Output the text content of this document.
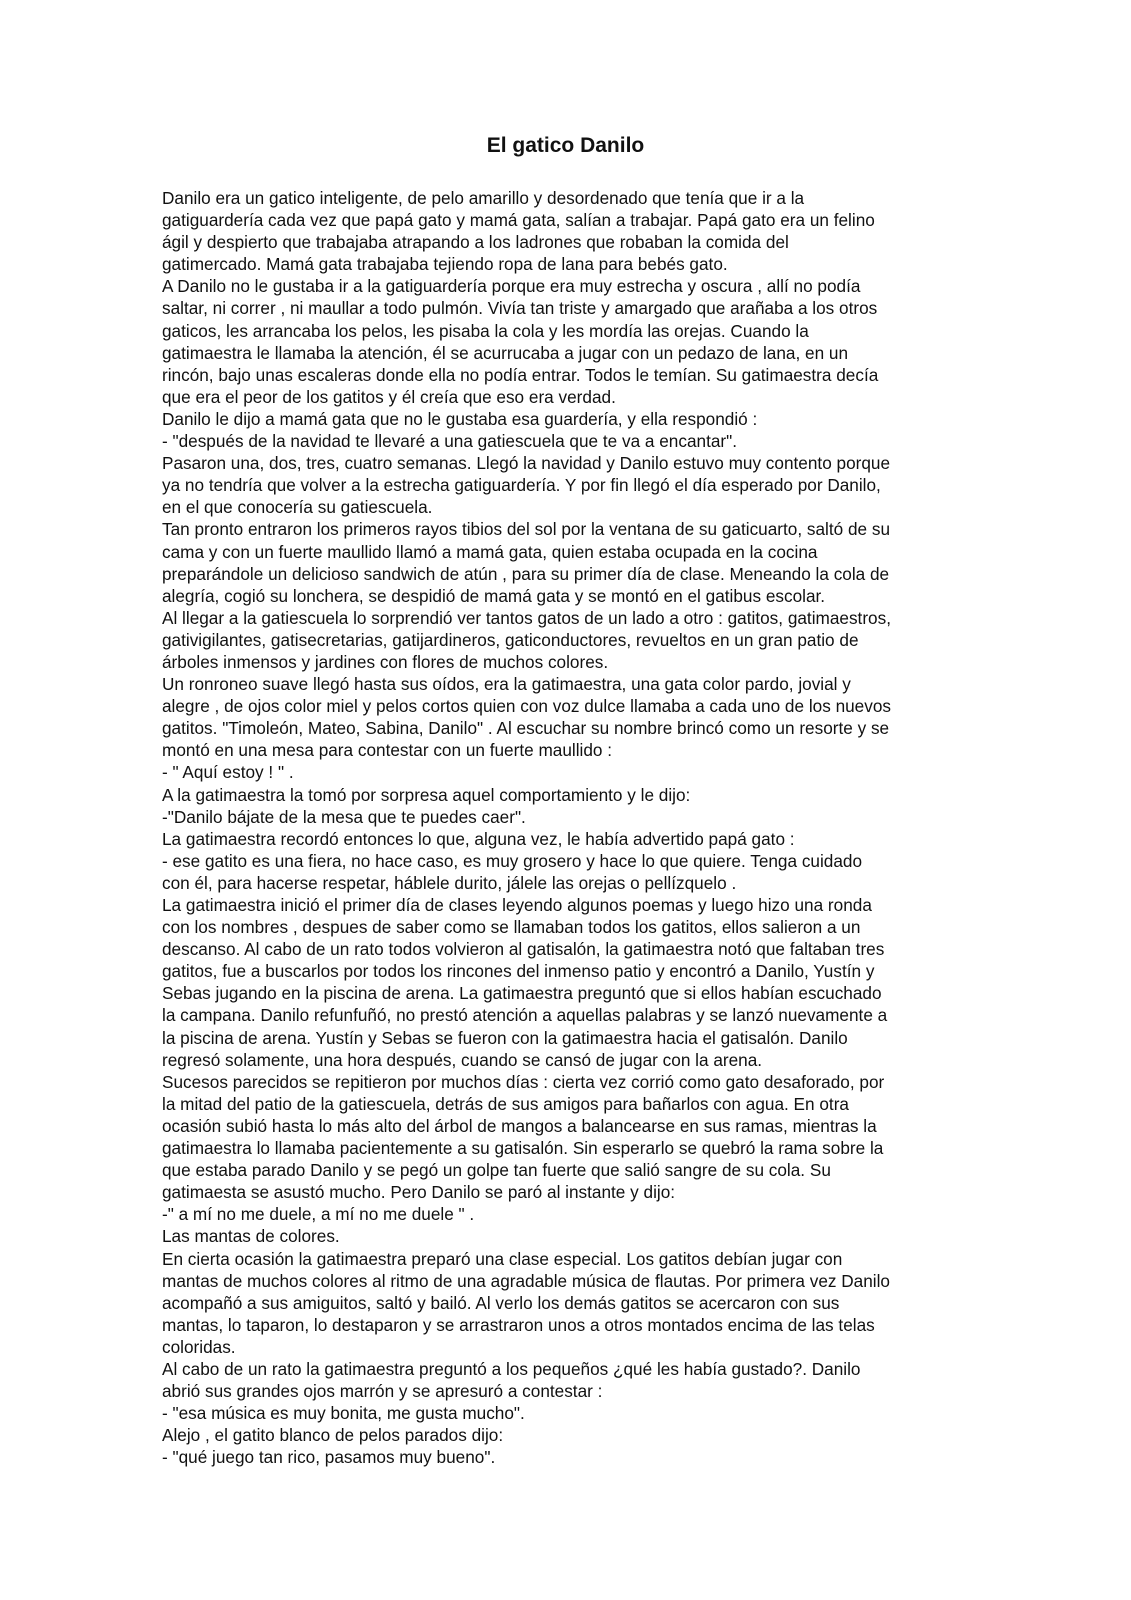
El gatico Danilo
Danilo era un gatico inteligente, de pelo amarillo y desordenado que tenía que ir a la
gatiguardería cada vez que papá gato y mamá gata, salían a trabajar. Papá gato era un felino
ágil y despierto que trabajaba atrapando a los ladrones que robaban la comida del
gatimercado. Mamá gata trabajaba tejiendo ropa de lana para bebés gato.
A Danilo no le gustaba ir a la gatiguardería porque era muy estrecha y oscura , allí no podía
saltar, ni correr , ni maullar a todo pulmón. Vivía tan triste y amargado que arañaba a los otros
gaticos, les arrancaba los pelos, les pisaba la cola y les mordía las orejas. Cuando la
gatimaestra le llamaba la atención, él se acurrucaba a jugar con un pedazo de lana, en un
rincón, bajo unas escaleras donde ella no podía entrar. Todos le temían. Su gatimaestra decía
que era el peor de los gatitos y él creía que eso era verdad.
Danilo le dijo a mamá gata que no le gustaba esa guardería, y ella respondió :
- "después de la navidad te llevaré a una gatiescuela que te va a encantar".
Pasaron una, dos, tres, cuatro semanas. Llegó la navidad y Danilo estuvo muy contento porque
ya no tendría que volver a la estrecha gatiguardería. Y por fin llegó el día esperado por Danilo,
en el que conocería su gatiescuela.
Tan pronto entraron los primeros rayos tibios del sol por la ventana de su gaticuarto, saltó de su
cama y con un fuerte maullido llamó a mamá gata, quien estaba ocupada en la cocina
preparándole un delicioso sandwich de atún , para su primer día de clase. Meneando la cola de
alegría, cogió su lonchera, se despidió de mamá gata y se montó en el gatibus escolar.
Al llegar a la gatiescuela lo sorprendió ver tantos gatos de un lado a otro : gatitos, gatimaestros,
gativigilantes, gatisecretarias, gatijardineros, gaticonductores, revueltos en un gran patio de
árboles inmensos y jardines con flores de muchos colores.
Un ronroneo suave llegó hasta sus oídos, era la gatimaestra, una gata color pardo, jovial y
alegre , de ojos color miel y pelos cortos quien con voz dulce llamaba a cada uno de los nuevos
gatitos. "Timoleón, Mateo, Sabina, Danilo" . Al escuchar su nombre brincó como un resorte y se
montó en una mesa para contestar con un fuerte maullido :
- " Aquí estoy ! " .
A la gatimaestra la tomó por sorpresa aquel comportamiento y le dijo:
-"Danilo bájate de la mesa que te puedes caer".
La gatimaestra recordó entonces lo que, alguna vez, le había advertido papá gato :
- ese gatito es una fiera, no hace caso, es muy grosero y hace lo que quiere. Tenga cuidado
con él, para hacerse respetar, háblele durito, jálele las orejas o pellízquelo .
La gatimaestra inició el primer día de clases leyendo algunos poemas y luego hizo una ronda
con los nombres , despues de saber como se llamaban todos los gatitos, ellos salieron a un
descanso. Al cabo de un rato todos volvieron al gatisalón, la gatimaestra notó que faltaban tres
gatitos, fue a buscarlos por todos los rincones del inmenso patio y encontró a Danilo, Yustín y
Sebas jugando en la piscina de arena. La gatimaestra preguntó que si ellos habían escuchado
la campana. Danilo refunfuñó, no prestó atención a aquellas palabras y se lanzó nuevamente a
la piscina de arena. Yustín y Sebas se fueron con la gatimaestra hacia el gatisalón. Danilo
regresó solamente, una hora después, cuando se cansó de jugar con la arena.
Sucesos parecidos se repitieron por muchos días : cierta vez corrió como gato desaforado, por
la mitad del patio de la gatiescuela, detrás de sus amigos para bañarlos con agua. En otra
ocasión subió hasta lo más alto del árbol de mangos a balancearse en sus ramas, mientras la
gatimaestra lo llamaba pacientemente a su gatisalón. Sin esperarlo se quebró la rama sobre la
que estaba parado Danilo y se pegó un golpe tan fuerte que salió sangre de su cola. Su
gatimaesta se asustó mucho. Pero Danilo se paró al instante y dijo:
-" a mí no me duele, a mí no me duele " .
Las mantas de colores.
En cierta ocasión la gatimaestra preparó una clase especial. Los gatitos debían jugar con
mantas de muchos colores al ritmo de una agradable música de flautas. Por primera vez Danilo
acompañó a sus amiguitos, saltó y bailó. Al verlo los demás gatitos se acercaron con sus
mantas, lo taparon, lo destaparon y se arrastraron unos a otros montados encima de las telas
coloridas.
Al cabo de un rato la gatimaestra preguntó a los pequeños ¿qué les había gustado?. Danilo
abrió sus grandes ojos marrón y se apresuró a contestar :
- "esa música es muy bonita, me gusta mucho".
Alejo , el gatito blanco de pelos parados dijo:
- "qué juego tan rico, pasamos muy bueno".
